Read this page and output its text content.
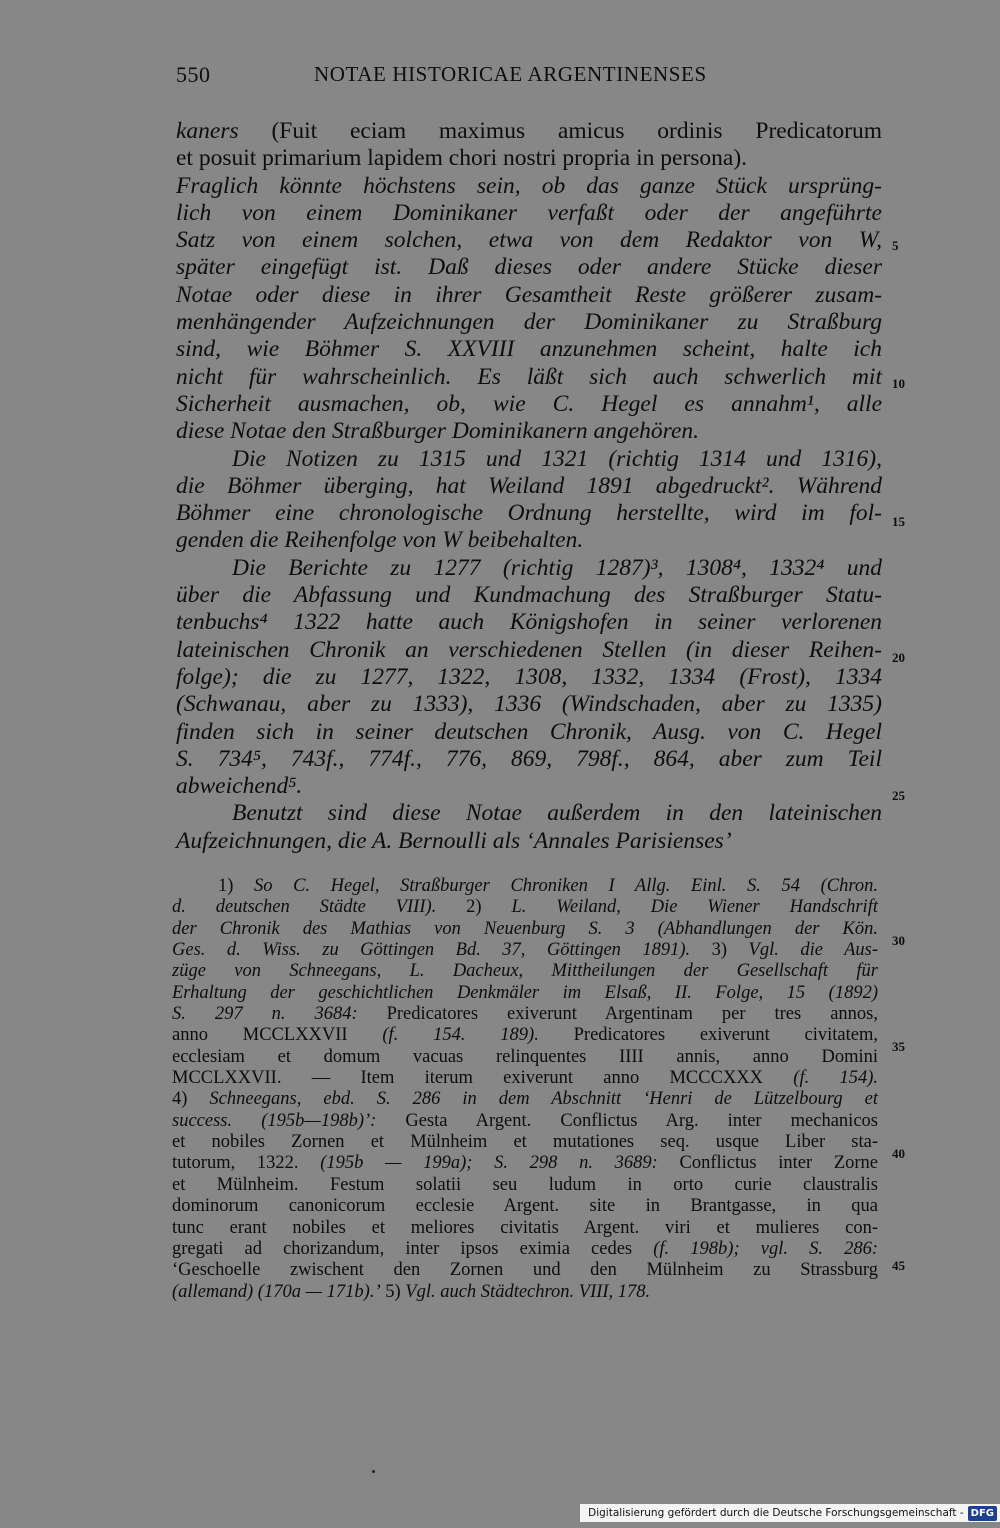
550	NOTAE HISTORICAE ARGENTINENSES
kaners (Fuit eciam maximus amicus ordinis Predicatorum
et posuit primarium lapidem chori nostri propria in persona).
Fraglich könnte höchstens sein, ob das ganze Stück ursprüng-
lich von einem Dominikaner verfaßt oder der angeführte
Satz von einem solchen, etwa von dem Redaktor von W,
später eingefügt ist. Daß dieses oder andere Stücke dieser
Notae oder diese in ihrer Gesamtheit Reste größerer zusam-
menhängender Aufzeichnungen der Dominikaner zu Straßburg
sind, wie Böhmer S. XXVIII anzunehmen scheint, halte ich
nicht für wahrscheinlich. Es läßt sich auch schwerlich mit
Sicherheit ausmachen, ob, wie C. Hegel es annahm¹, alle
diese Notae den Straßburger Dominikanern angehören.
Die Notizen zu 1315 und 1321 (richtig 1314 und 1316),
die Böhmer überging, hat Weiland 1891 abgedruckt². Während
Böhmer eine chronologische Ordnung herstellte, wird im fol-
genden die Reihenfolge von W beibehalten.
Die Berichte zu 1277 (richtig 1287)³, 1308⁴, 1332⁴ und
über die Abfassung und Kundmachung des Straßburger Statu-
tenbuchs⁴ 1322 hatte auch Königshofen in seiner verlorenen
lateinischen Chronik an verschiedenen Stellen (in dieser Reihen-
folge); die zu 1277, 1322, 1308, 1332, 1334 (Frost), 1334
(Schwanau, aber zu 1333), 1336 (Windschaden, aber zu 1335)
finden sich in seiner deutschen Chronik, Ausg. von C. Hegel
S. 734⁵, 743f., 774f., 776, 869, 798f., 864, aber zum Teil
abweichend⁵.
Benutzt sind diese Notae außerdem in den lateinischen
Aufzeichnungen, die A. Bernoulli als ‘Annales Parisienses’
5
10
15
20
25
30
35
40
45
1) So C. Hegel, Straßburger Chroniken I Allg. Einl. S. 54 (Chron.
d. deutschen Städte VIII). 2) L. Weiland, Die Wiener Handschrift
der Chronik des Mathias von Neuenburg S. 3 (Abhandlungen der Kön.
Ges. d. Wiss. zu Göttingen Bd. 37, Göttingen 1891). 3) Vgl. die Aus-
züge von Schneegans, L. Dacheux, Mittheilungen der Gesellschaft für
Erhaltung der geschichtlichen Denkmäler im Elsaß, II. Folge, 15 (1892)
S. 297 n. 3684: Predicatores exiverunt Argentinam per tres annos,
anno MCCLXXVII (f. 154. 189). Predicatores exiverunt civitatem,
ecclesiam et domum vacuas relinquentes IIII annis, anno Domini
MCCLXXVII. — Item iterum exiverunt anno MCCCXXX (f. 154).
4) Schneegans, ebd. S. 286 in dem Abschnitt ‘Henri de Lützelbourg et
success. (195b—198b)’: Gesta Argent. Conflictus Arg. inter mechanicos
et nobiles Zornen et Mülnheim et mutationes seq. usque Liber sta-
tutorum, 1322. (195b — 199a); S. 298 n. 3689: Conflictus inter Zorne
et Mülnheim. Festum solatii seu ludum in orto curie claustralis
dominorum canonicorum ecclesie Argent. site in Brantgasse, in qua
tunc erant nobiles et meliores civitatis Argent. viri et mulieres con-
gregati ad chorizandum, inter ipsos eximia cedes (f. 198b); vgl. S. 286:
‘Geschoelle zwischent den Zornen und den Mülnheim zu Strassburg
(allemand) (170a — 171b).’ 5) Vgl. auch Städtechron. VIII, 178.
Digitalisierung gefördert durch die Deutsche Forschungsgemeinschaft - DFG
